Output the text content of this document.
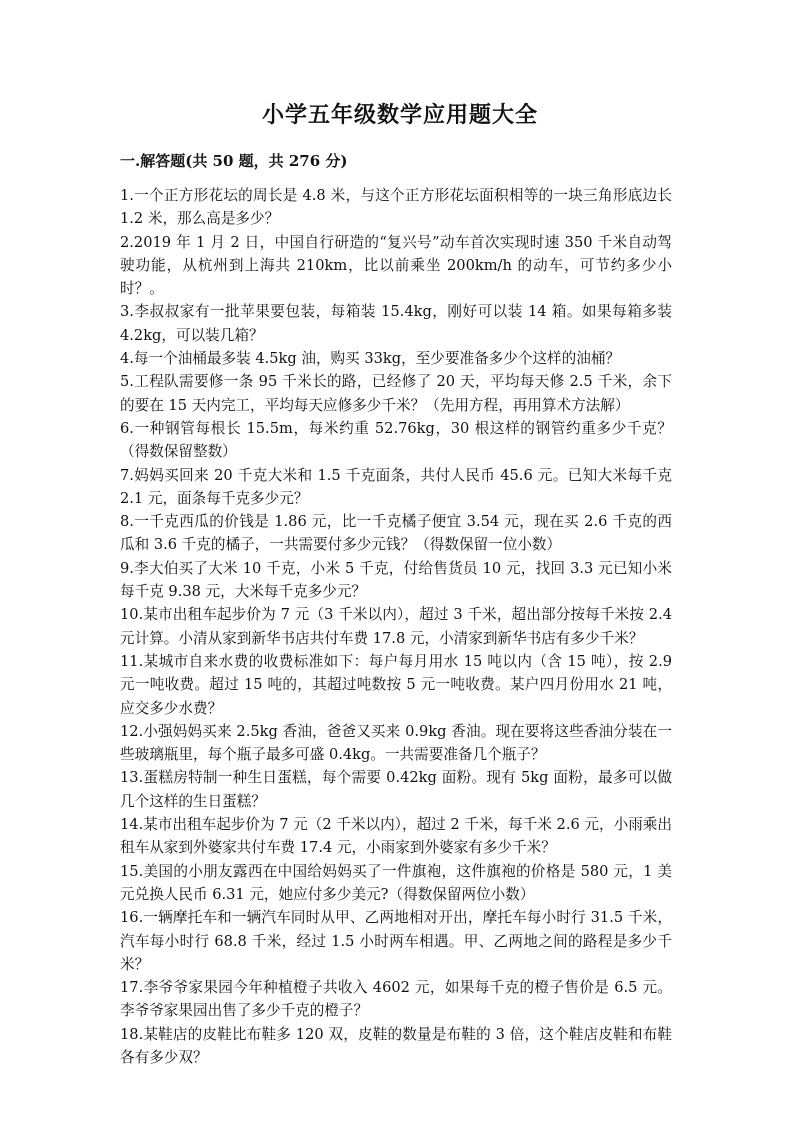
小学五年级数学应用题大全
一.解答题(共 50 题，共 276 分)
1.一个正方形花坛的周长是 4.8 米，与这个正方形花坛面积相等的一块三角形底边长 1.2 米，那么高是多少？
2.2019 年 1 月 2 日，中国自行研造的“复兴号”动车首次实现时速 350 千米自动驾驶功能，从杭州到上海共 210km，比以前乘坐 200km/h 的动车，可节约多少小时？。
3.李叔叔家有一批苹果要包装，每箱装 15.4kg，刚好可以装 14 箱。如果每箱多装 4.2kg，可以装几箱？
4.每一个油桶最多装 4.5kg 油，购买 33kg，至少要准备多少个这样的油桶？
5.工程队需要修一条 95 千米长的路，已经修了 20 天，平均每天修 2.5 千米，余下的要在 15 天内完工，平均每天应修多少千米？（先用方程，再用算术方法解）
6.一种钢管每根长 15.5m，每米约重 52.76kg，30 根这样的钢管约重多少千克？（得数保留整数）
7.妈妈买回来 20 千克大米和 1.5 千克面条，共付人民币 45.6 元。已知大米每千克 2.1 元，面条每千克多少元？
8.一千克西瓜的价钱是 1.86 元，比一千克橘子便宜 3.54 元，现在买 2.6 千克的西瓜和 3.6 千克的橘子，一共需要付多少元钱？（得数保留一位小数）
9.李大伯买了大米 10 千克，小米 5 千克，付给售货员 10 元，找回 3.3 元已知小米每千克 9.38 元，大米每千克多少元？
10.某市出租车起步价为 7 元（3 千米以内），超过 3 千米，超出部分按每千米按 2.4 元计算。小清从家到新华书店共付车费 17.8 元，小清家到新华书店有多少千米？
11.某城市自来水费的收费标准如下：每户每月用水 15 吨以内（含 15 吨），按 2.9 元一吨收费。超过 15 吨的，其超过吨数按 5 元一吨收费。某户四月份用水 21 吨，应交多少水费？
12.小强妈妈买来 2.5kg 香油，爸爸又买来 0.9kg 香油。现在要将这些香油分装在一些玻璃瓶里，每个瓶子最多可盛 0.4kg。一共需要准备几个瓶子？
13.蛋糕房特制一种生日蛋糕，每个需要 0.42kg 面粉。现有 5kg 面粉，最多可以做几个这样的生日蛋糕？
14.某市出租车起步价为 7 元（2 千米以内），超过 2 千米，每千米 2.6 元，小雨乘出租车从家到外婆家共付车费 17.4 元，小雨家到外婆家有多少千米？
15.美国的小朋友露西在中国给妈妈买了一件旗袍，这件旗袍的价格是 580 元，1 美元兑换人民币 6.31 元，她应付多少美元?（得数保留两位小数）
16.一辆摩托车和一辆汽车同时从甲、乙两地相对开出，摩托车每小时行 31.5 千米，汽车每小时行 68.8 千米，经过 1.5 小时两车相遇。甲、乙两地之间的路程是多少千米？
17.李爷爷家果园今年种植橙子共收入 4602 元，如果每千克的橙子售价是 6.5 元。李爷爷家果园出售了多少千克的橙子？
18.某鞋店的皮鞋比布鞋多 120 双，皮鞋的数量是布鞋的 3 倍，这个鞋店皮鞋和布鞋各有多少双？
